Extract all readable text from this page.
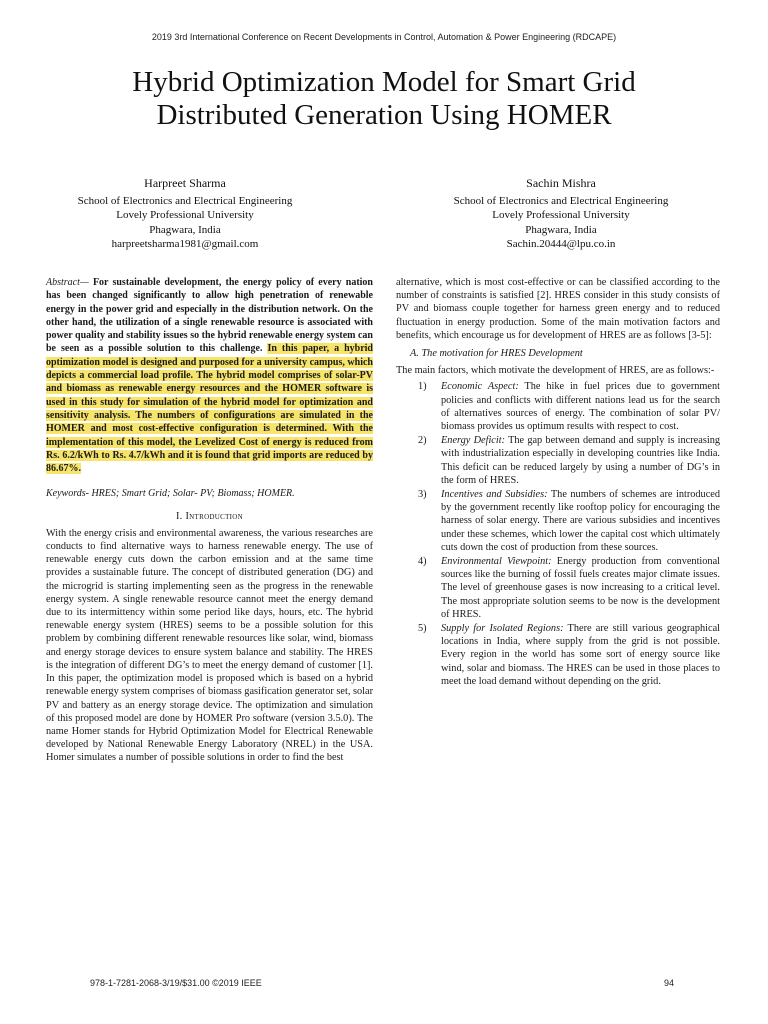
2019 3rd International Conference on Recent Developments in Control, Automation & Power Engineering (RDCAPE)
Hybrid Optimization Model for Smart Grid
Distributed Generation Using HOMER
Harpreet Sharma
School of Electronics and Electrical Engineering
Lovely Professional University
Phagwara, India
harpreetsharma1981@gmail.com
Sachin Mishra
School of Electronics and Electrical Engineering
Lovely Professional University
Phagwara, India
Sachin.20444@lpu.co.in

Abstract— For sustainable development, the energy policy of every nation has been changed significantly to allow high penetration of renewable energy in the power grid and especially in the distribution network. On the other hand, the utilization of a single renewable resource is associated with power quality and stability issues so the hybrid renewable energy system can be seen as a possible solution to this challenge. In this paper, a hybrid optimization model is designed and purposed for a university campus, which depicts a commercial load profile. The hybrid model comprises of solar-PV and biomass as renewable energy resources and the HOMER software is used in this study for simulation of the hybrid model for optimization and sensitivity analysis. The numbers of configurations are simulated in the HOMER and most cost-effective configuration is determined. With the implementation of this model, the Levelized Cost of energy is reduced from Rs. 6.2/kWh to Rs. 4.7/kWh and it is found that grid imports are reduced by 86.67%.

Keywords- HRES; Smart Grid; Solar- PV; Biomass; HOMER.
I. Introduction

With the energy crisis and environmental awareness, the various researches are conducts to find alternative ways to harness renewable energy. The use of renewable energy cuts down the carbon emission and at the same time provides a sustainable future. The concept of distributed generation (DG) and the microgrid is starting implementing seen as the progress in the renewable energy system. A single renewable resource cannot meet the energy demand due to its intermittency within some period like days, hours, etc. The hybrid renewable energy system (HRES) seems to be a possible solution for this problem by combining different renewable resources like solar, wind, biomass and energy storage devices to ensure system balance and stability. The HRES is the integration of different DG’s to meet the energy demand of customer [1]. In this paper, the optimization model is proposed which is based on a hybrid renewable energy system comprises of biomass gasification generator set, solar PV and battery as an energy storage device. The optimization and simulation of this proposed model are done by HOMER Pro software (version 3.5.0). The name Homer stands for Hybrid Optimization Model for Electrical Renewable developed by National Renewable Energy Laboratory (NREL) in the USA. Homer simulates a number of possible solutions in order to find the best

alternative, which is most cost-effective or can be classified according to the number of constraints is satisfied [2]. HRES consider in this study consists of PV and biomass couple together for harness green energy and to reduced fluctuation in energy production. Some of the main motivation factors and benefits, which encourage us for development of HRES are as follows [3-5]:

A. The motivation for HRES Development

The main factors, which motivate the development of HRES, are as follows:-

1) Economic Aspect: The hike in fuel prices due to government policies and conflicts with different nations lead us for the search of alternatives sources of energy. The combination of solar PV/ biomass provides us optimum results with respect to cost.
2) Energy Deficit: The gap between demand and supply is increasing with industrialization especially in developing countries like India. This deficit can be reduced largely by using a number of DG’s in the form of HRES.
3) Incentives and Subsidies: The numbers of schemes are introduced by the government recently like rooftop policy for encouraging the harness of solar energy. There are various subsidies and incentives under these schemes, which lower the capital cost which ultimately cuts down the cost of production from these sources.
4) Environmental Viewpoint: Energy production from conventional sources like the burning of fossil fuels creates major climate issues. The level of greenhouse gases is now increasing to a critical level. The most appropriate solution seems to be now is the development of HRES.
5) Supply for Isolated Regions: There are still various geographical locations in India, where supply from the grid is not possible. Every region in the world has some sort of energy source like wind, solar and biomass. The HRES can be used in those places to meet the load demand without depending on the grid.
978-1-7281-2068-3/19/$31.00 ©2019 IEEE	94
